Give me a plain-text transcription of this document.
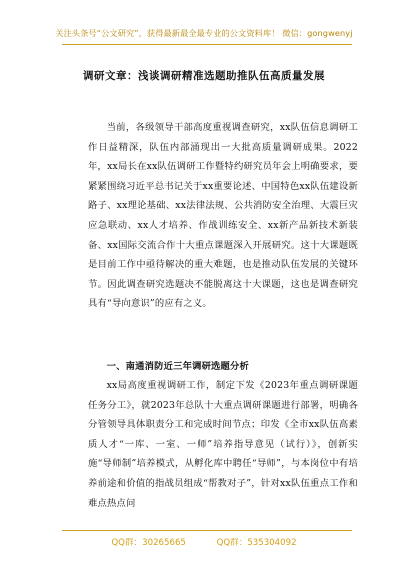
关注头条号“公文研究”，获得最新最全最专业的公文资料库！ 微信：gongwenyj
调研文章：浅谈调研精准选题助推队伍高质量发展
当前，各级领导干部高度重视调查研究，xx队伍信息调研工作日益精深，队伍内部涌现出一大批高质量调研成果。2022年，xx局长在xx队伍调研工作暨特约研究员年会上明确要求，要紧紧围绕习近平总书记关于xx重要论述、中国特色xx队伍建设新路子、xx理论基础、xx法律法规、公共消防安全治理、大震巨灾应急联动、xx人才培养、作战训练安全、xx新产品新技术新装备、xx国际交流合作十大重点课题深入开展研究。这十大课题既是目前工作中亟待解决的重大难题，也是推动队伍发展的关键环节。因此调查研究选题决不能脱离这十大课题，这也是调查研究具有“导向意识”的应有之义。
一、南通消防近三年调研选题分析
xx局高度重视调研工作，制定下发《2023年重点调研课题任务分工》，就2023年总队十大重点调研课题进行部署，明确各分管领导具体职责分工和完成时间节点；印发《全市xx队伍高素质人才“一库、一室、一师”培养指导意见（试行）》，创新实施“导师制”培养模式，从孵化库中聘任“导师”，与本岗位中有培养前途和价值的指战员组成“帮教对子”，针对xx队伍重点工作和难点热点问
QQ群：30265665	QQ群：535304092
